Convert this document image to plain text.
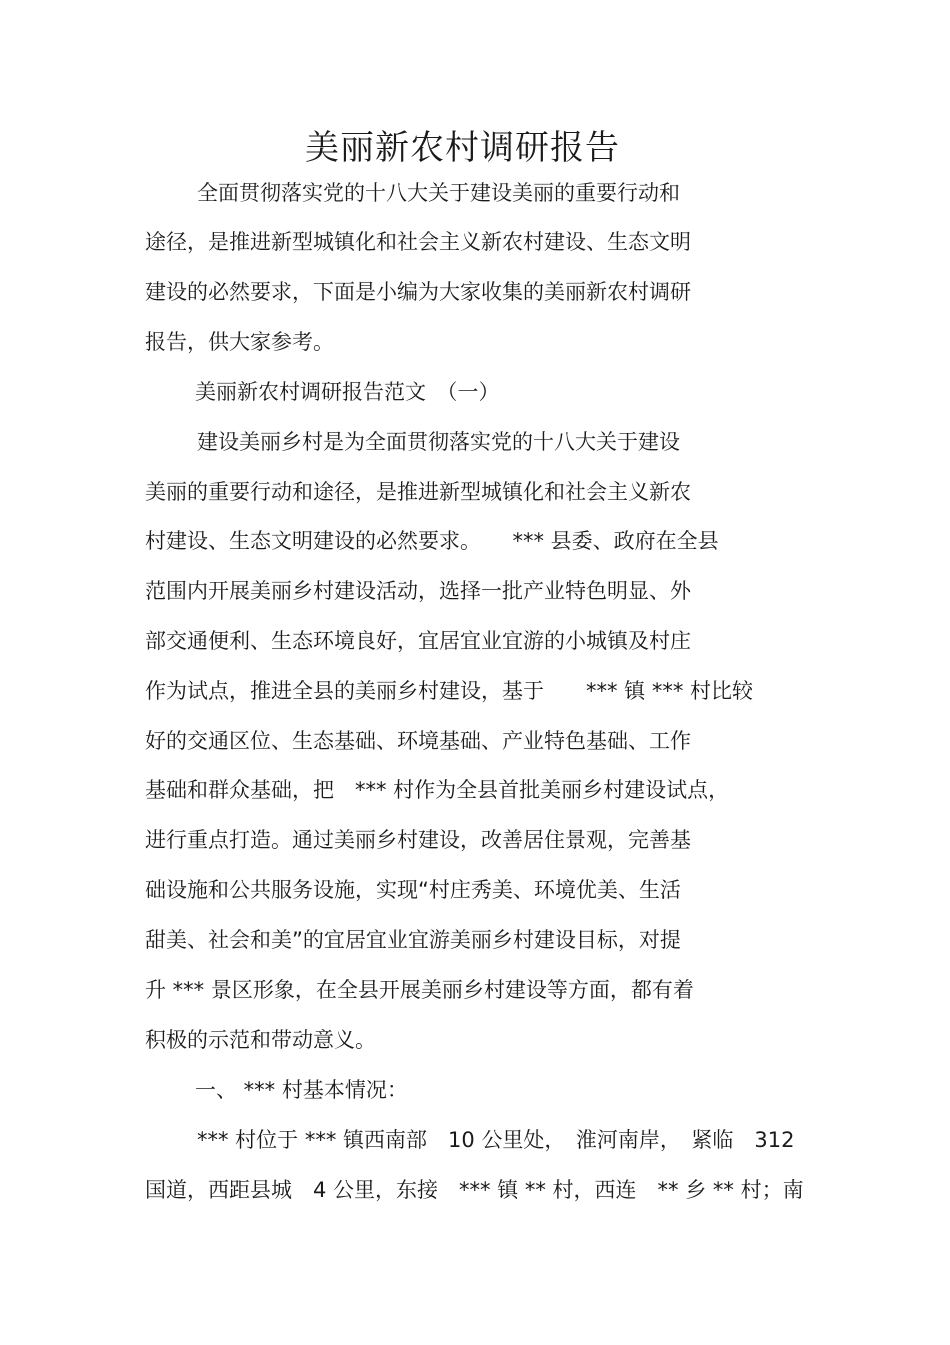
美丽新农村调研报告
全面贯彻落实党的十八大关于建设美丽的重要行动和
途径，是推进新型城镇化和社会主义新农村建设、生态文明
建设的必然要求，下面是小编为大家收集的美丽新农村调研
报告，供大家参考。
美丽新农村调研报告范文　（一）
建设美丽乡村是为全面贯彻落实党的十八大关于建设
美丽的重要行动和途径，是推进新型城镇化和社会主义新农
村建设、生态文明建设的必然要求。　　*** 县委、政府在全县
范围内开展美丽乡村建设活动，选择一批产业特色明显、外
部交通便利、生态环境良好，宜居宜业宜游的小城镇及村庄
作为试点，推进全县的美丽乡村建设，基于　　*** 镇 *** 村比较
好的交通区位、生态基础、环境基础、产业特色基础、工作
基础和群众基础，把　*** 村作为全县首批美丽乡村建设试点，
进行重点打造。通过美丽乡村建设，改善居住景观，完善基
础设施和公共服务设施，实现“村庄秀美、环境优美、生活
甜美、社会和美”的宜居宜业宜游美丽乡村建设目标，对提
升 *** 景区形象，在全县开展美丽乡村建设等方面，都有着
积极的示范和带动意义。
一、 *** 村基本情况：
*** 村位于 *** 镇西南部　10 公里处，　淮河南岸，　紧临　312
国道，西距县城　4 公里，东接　*** 镇 ** 村，西连　** 乡 ** 村；南
